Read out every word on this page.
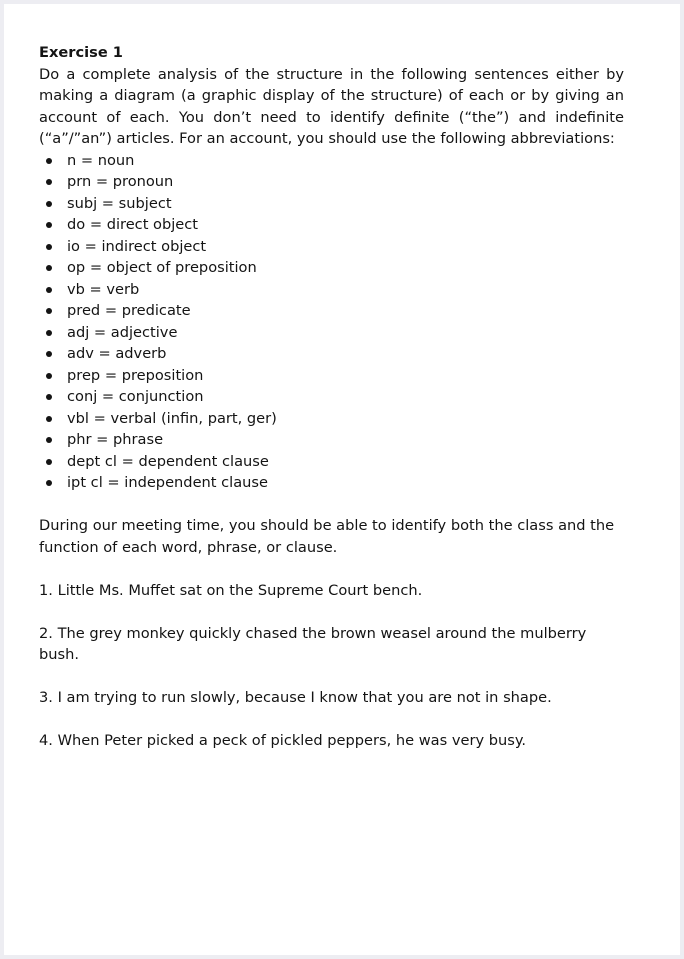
Exercise 1

Do a complete analysis of the structure in the following sentences either by making a diagram (a graphic display of the structure) of each or by giving an account of each. You don’t need to identify definite (“the”) and indefinite (“a”/”an”) articles. For an account, you should use the following abbreviations:

n = noun
prn = pronoun
subj = subject
do = direct object
io = indirect object
op = object of preposition
vb = verb
pred = predicate
adj = adjective
adv = adverb
prep = preposition
conj = conjunction
vbl = verbal (infin, part, ger)
phr = phrase
dept cl = dependent clause
ipt cl = independent clause

During our meeting time, you should be able to identify both the class and the function of each word, phrase, or clause.

1. Little Ms. Muffet sat on the Supreme Court bench.

2. The grey monkey quickly chased the brown weasel around the mulberry bush.

3. I am trying to run slowly, because I know that you are not in shape.

4. When Peter picked a peck of pickled peppers, he was very busy.
